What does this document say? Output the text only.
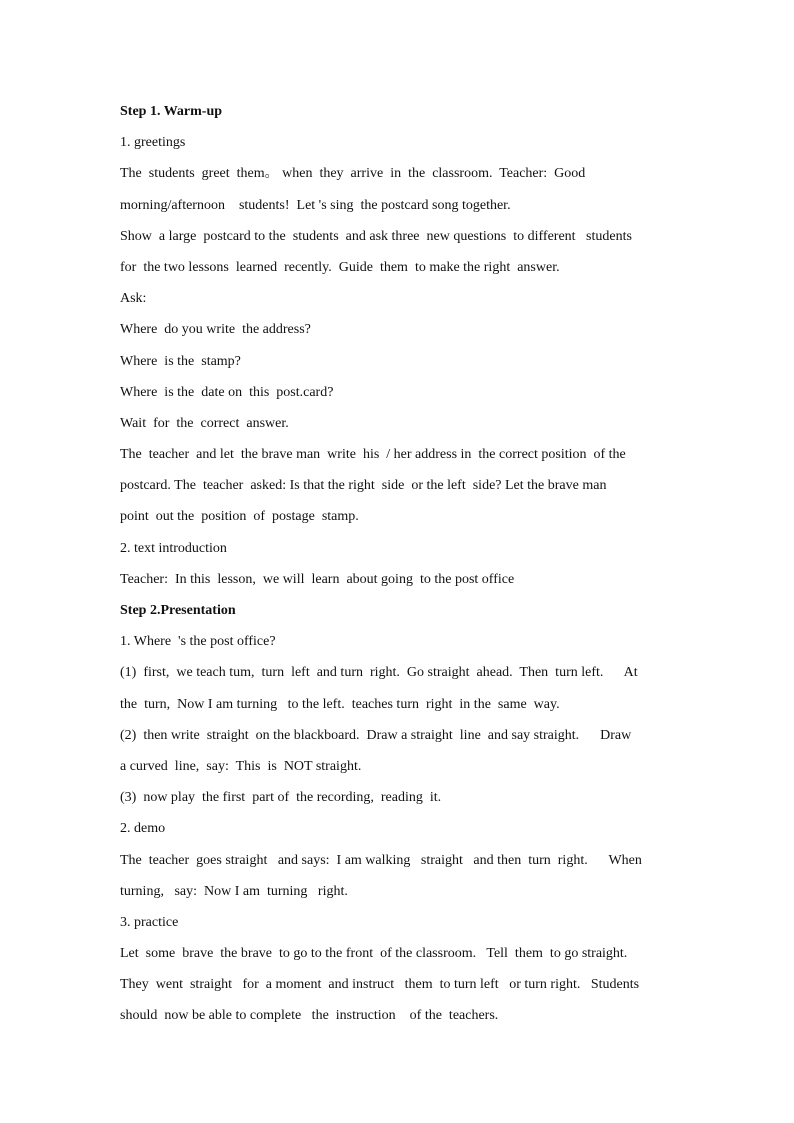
Step 1. Warm-up
1. greetings
The  students  greet  them。 when  they  arrive  in  the  classroom.  Teacher:  Good
morning/afternoon    students!  Let 's sing  the postcard song together.
Show  a large  postcard to the  students  and ask three  new questions  to different   students
for  the two lessons  learned  recently.  Guide  them  to make the right  answer.
Ask:
Where  do you write  the address?
Where  is the  stamp?
Where  is the  date on  this  post.card?
Wait  for  the  correct  answer.
The  teacher  and let  the brave man  write  his  / her address in  the correct position  of the
postcard. The  teacher  asked: Is that the right  side  or the left  side? Let the brave man
point  out the  position  of  postage  stamp.
2. text introduction
Teacher:  In this  lesson,  we will  learn  about going  to the post office
Step 2.Presentation
1. Where  's the post office?
(1)  first,  we teach tum,  turn  left  and turn  right.  Go straight  ahead.  Then  turn left.      At
the  turn,  Now I am turning   to the left.  teaches turn  right  in the  same  way.
(2)  then write  straight  on the blackboard.  Draw a straight  line  and say straight.      Draw
a curved  line,  say:  This  is  NOT straight.
(3)  now play  the first  part of  the recording,  reading  it.
2. demo
The  teacher  goes straight   and says:  I am walking   straight   and then  turn  right.      When
turning,   say:  Now I am  turning   right.
3. practice
Let  some  brave  the brave  to go to the front  of the classroom.   Tell  them  to go straight.
They  went  straight   for  a moment  and instruct   them  to turn left   or turn right.   Students
should  now be able to complete   the  instruction    of the  teachers.
